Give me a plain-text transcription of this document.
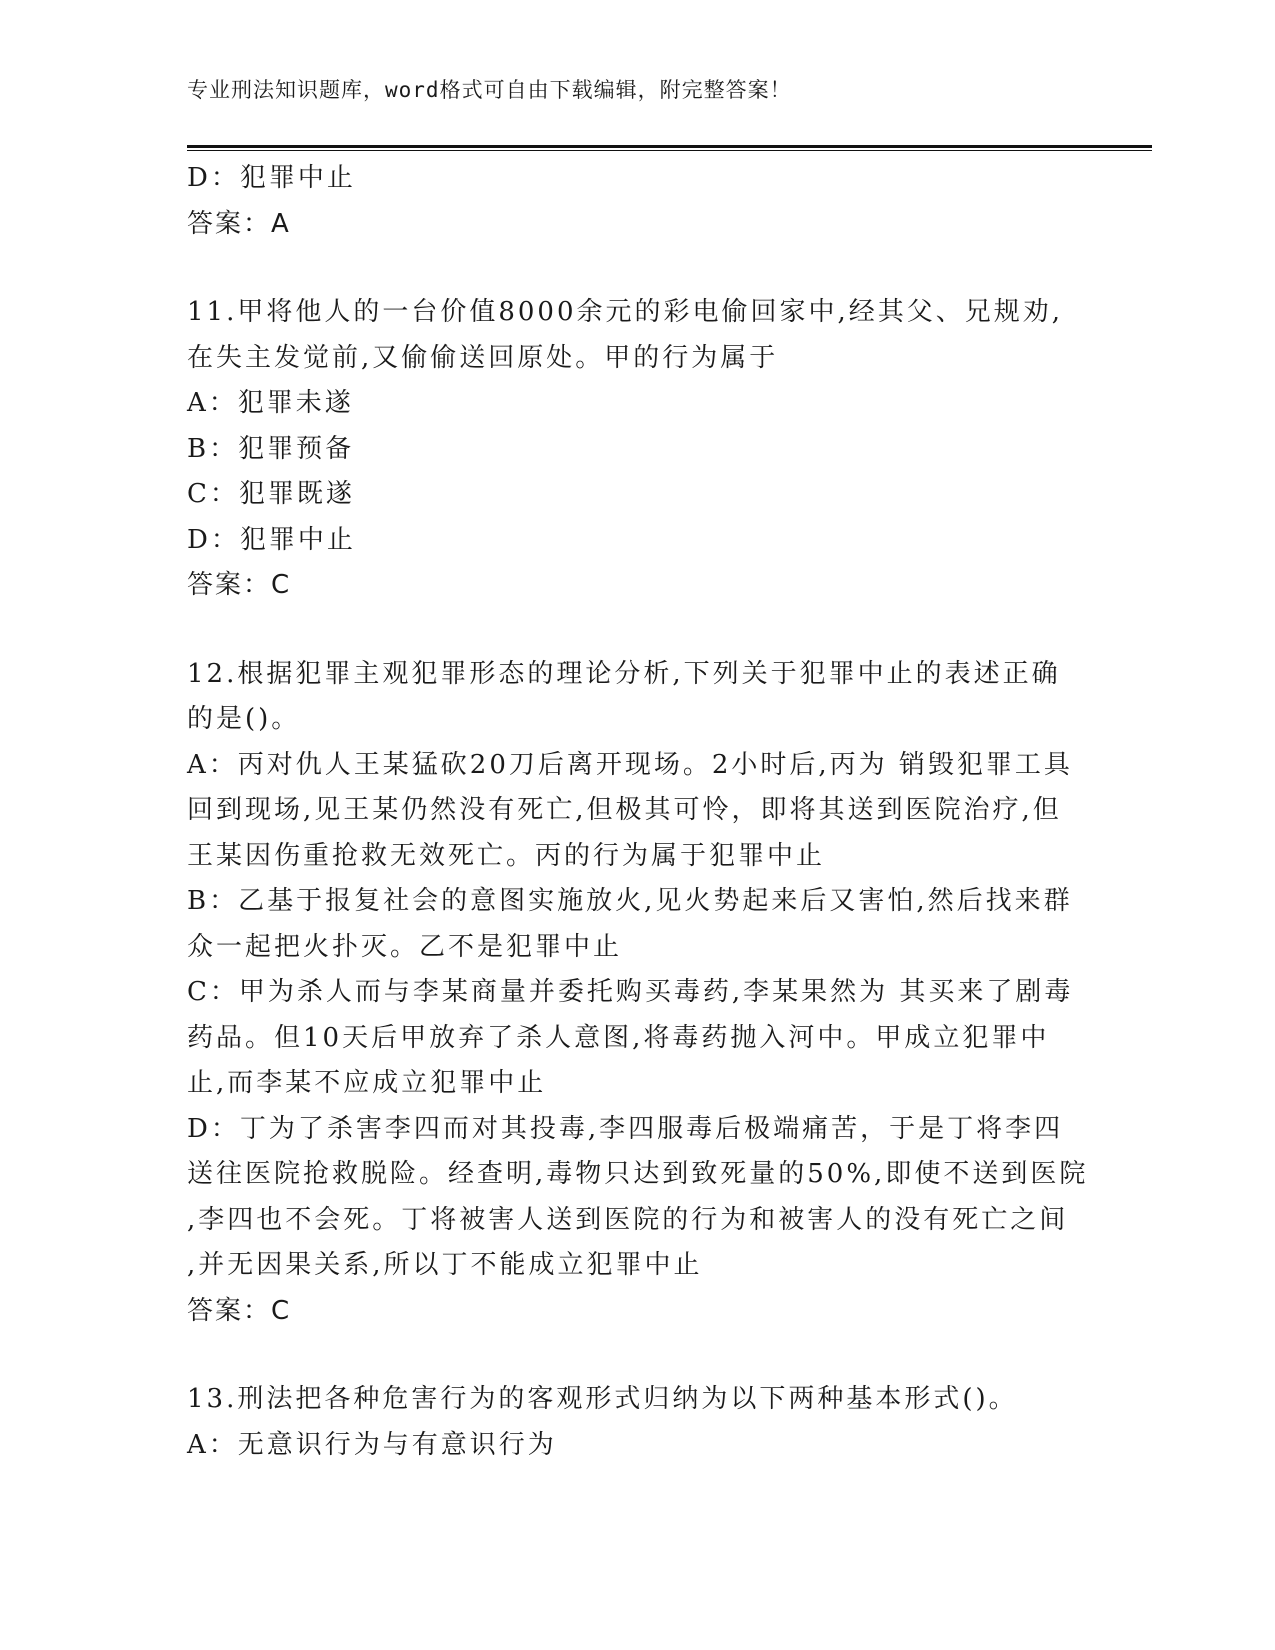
专业刑法知识题库，word格式可自由下载编辑，附完整答案！
D：犯罪中止
答案：A
11.甲将他人的一台价值8000余元的彩电偷回家中,经其父、兄规劝,
在失主发觉前,又偷偷送回原处。甲的行为属于
A：犯罪未遂
B：犯罪预备
C：犯罪既遂
D：犯罪中止
答案：C
12.根据犯罪主观犯罪形态的理论分析,下列关于犯罪中止的表述正确
的是()。
A：丙对仇人王某猛砍20刀后离开现场。2小时后,丙为 销毁犯罪工具
回到现场,见王某仍然没有死亡,但极其可怜，即将其送到医院治疗,但
王某因伤重抢救无效死亡。丙的行为属于犯罪中止
B：乙基于报复社会的意图实施放火,见火势起来后又害怕,然后找来群
众一起把火扑灭。乙不是犯罪中止
C：甲为杀人而与李某商量并委托购买毒药,李某果然为 其买来了剧毒
药品。但10天后甲放弃了杀人意图,将毒药抛入河中。甲成立犯罪中
止,而李某不应成立犯罪中止
D：丁为了杀害李四而对其投毒,李四服毒后极端痛苦，于是丁将李四
送往医院抢救脱险。经查明,毒物只达到致死量的50%,即使不送到医院
,李四也不会死。丁将被害人送到医院的行为和被害人的没有死亡之间
,并无因果关系,所以丁不能成立犯罪中止
答案：C
13.刑法把各种危害行为的客观形式归纳为以下两种基本形式()。
A：无意识行为与有意识行为
